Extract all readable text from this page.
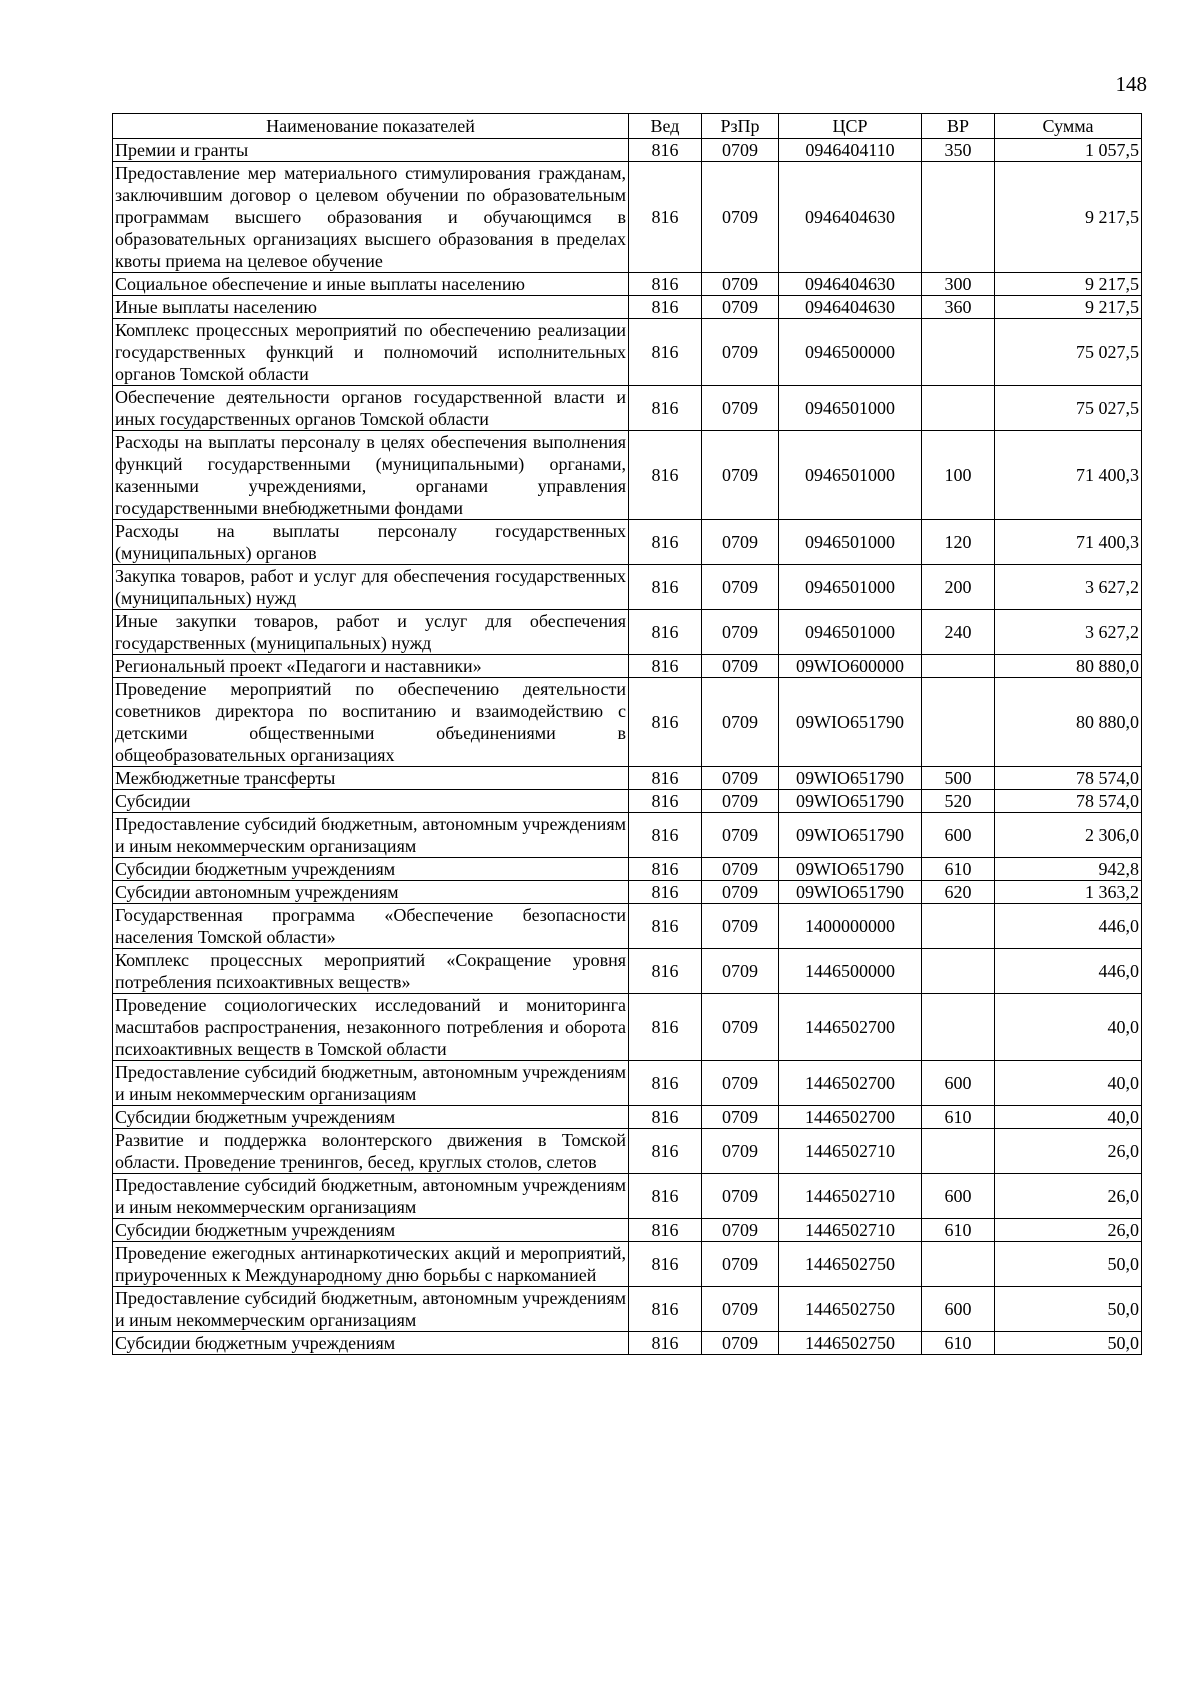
148
Наименование показателей	Вед	РзПр	ЦСР	ВР	Сумма
Премии и гранты	816	0709	0946404110	350	1 057,5
Предоставление мер материального стимулирования гражданам, заключившим договор о целевом обучении по образовательным программам высшего образования и обучающимся в образовательных организациях высшего образования в пределах квоты приема на целевое обучение	816	0709	0946404630		9 217,5
Социальное обеспечение и иные выплаты населению	816	0709	0946404630	300	9 217,5
Иные выплаты населению	816	0709	0946404630	360	9 217,5
Комплекс процессных мероприятий по обеспечению реализации государственных функций и полномочий исполнительных органов Томской области	816	0709	0946500000		75 027,5
Обеспечение деятельности органов государственной власти и иных государственных органов Томской области	816	0709	0946501000		75 027,5
Расходы на выплаты персоналу в целях обеспечения выполнения функций государственными (муниципальными) органами, казенными учреждениями, органами управления государственными внебюджетными фондами	816	0709	0946501000	100	71 400,3
Расходы на выплаты персоналу государственных (муниципальных) органов	816	0709	0946501000	120	71 400,3
Закупка товаров, работ и услуг для обеспечения государственных (муниципальных) нужд	816	0709	0946501000	200	3 627,2
Иные закупки товаров, работ и услуг для обеспечения государственных (муниципальных) нужд	816	0709	0946501000	240	3 627,2
Региональный проект «Педагоги и наставники»	816	0709	09WIО600000		80 880,0
Проведение мероприятий по обеспечению деятельности советников директора по воспитанию и взаимодействию с детскими общественными объединениями в общеобразовательных организациях	816	0709	09WIО651790		80 880,0
Межбюджетные трансферты	816	0709	09WIО651790	500	78 574,0
Субсидии	816	0709	09WIО651790	520	78 574,0
Предоставление субсидий бюджетным, автономным учреждениям и иным некоммерческим организациям	816	0709	09WIО651790	600	2 306,0
Субсидии бюджетным учреждениям	816	0709	09WIО651790	610	942,8
Субсидии автономным учреждениям	816	0709	09WIО651790	620	1 363,2
Государственная программа «Обеспечение безопасности населения Томской области»	816	0709	1400000000		446,0
Комплекс процессных мероприятий «Сокращение уровня потребления психоактивных веществ»	816	0709	1446500000		446,0
Проведение социологических исследований и мониторинга масштабов распространения, незаконного потребления и оборота психоактивных веществ в Томской области	816	0709	1446502700		40,0
Предоставление субсидий бюджетным, автономным учреждениям и иным некоммерческим организациям	816	0709	1446502700	600	40,0
Субсидии бюджетным учреждениям	816	0709	1446502700	610	40,0
Развитие и поддержка волонтерского движения в Томской области. Проведение тренингов, бесед, круглых столов, слетов	816	0709	1446502710		26,0
Предоставление субсидий бюджетным, автономным учреждениям и иным некоммерческим организациям	816	0709	1446502710	600	26,0
Субсидии бюджетным учреждениям	816	0709	1446502710	610	26,0
Проведение ежегодных антинаркотических акций и мероприятий, приуроченных к Международному дню борьбы с наркоманией	816	0709	1446502750		50,0
Предоставление субсидий бюджетным, автономным учреждениям и иным некоммерческим организациям	816	0709	1446502750	600	50,0
Субсидии бюджетным учреждениям	816	0709	1446502750	610	50,0
